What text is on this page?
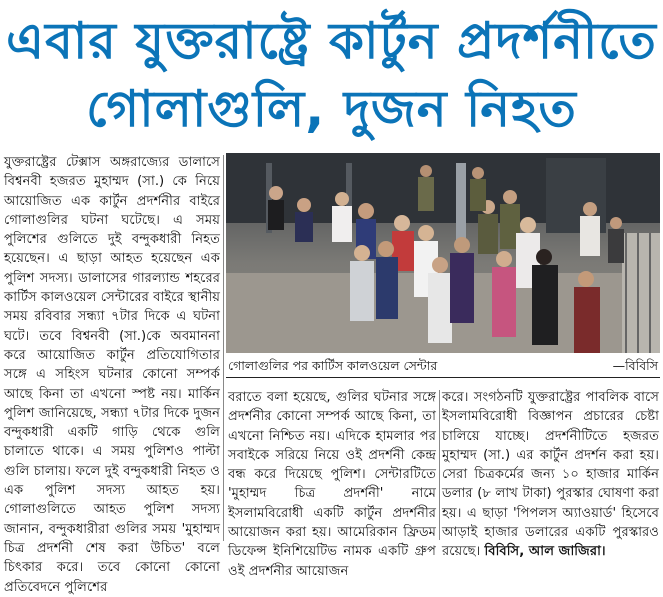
এবার যুক্তরাষ্ট্রে কার্টুন প্রদর্শনীতে
গোলাগুলি, দুজন নিহত

যুক্তরাষ্ট্রের টেক্সাস অঙ্গরাজ্যের ডালাসে বিশ্বনবী হজরত মুহাম্মদ (সা.) কে নিয়ে আয়োজিত এক কার্টুন প্রদর্শনীর বাইরে গোলাগুলির ঘটনা ঘটেছে। এ সময় পুলিশের গুলিতে দুই বন্দুকধারী নিহত হয়েছেন। এ ছাড়া আহত হয়েছেন এক পুলিশ সদস্য। ডালাসের গারল্যান্ড শহরের কার্টিস কালওয়েল সেন্টারের বাইরে স্থানীয় সময় রবিবার সন্ধ্যা ৭টার দিকে এ ঘটনা ঘটে। তবে বিশ্বনবী (সা.)কে অবমাননা করে আয়োজিত কার্টুন প্রতিযোগিতার সঙ্গে এ সহিংস ঘটনার কোনো সম্পর্ক আছে কিনা তা এখনো স্পষ্ট নয়। মার্কিন পুলিশ জানিয়েছে, সন্ধ্যা ৭টার দিকে দুজন বন্দুকধারী একটি গাড়ি থেকে গুলি চালাতে থাকে। এ সময় পুলিশও পাল্টা গুলি চালায়। ফলে দুই বন্দুকধারী নিহত ও এক পুলিশ সদস্য আহত হয়। গোলাগুলিতে আহত পুলিশ সদস্য জানান, বন্দুকধারীরা গুলির সময় 'মুহাম্মদ চিত্র প্রদর্শনী শেষ করা উচিত' বলে চিৎকার করে। তবে কোনো কোনো প্রতিবেদনে পুলিশের

গোলাগুলির পর কার্টিস কালওয়েল সেন্টার	—বিবিসি

বরাতে বলা হয়েছে, গুলির ঘটনার সঙ্গে প্রদর্শনীর কোনো সম্পর্ক আছে কিনা, তা এখনো নিশ্চিত নয়। এদিকে হামলার পর সবাইকে সরিয়ে নিয়ে ওই প্রদর্শনী কেন্দ্র বন্ধ করে দিয়েছে পুলিশ। সেন্টারটিতে 'মুহাম্মদ চিত্র প্রদর্শনী' নামে ইসলামবিরোধী একটি কার্টুন প্রদর্শনীর আয়োজন করা হয়। আমেরিকান ফ্রিডম ডিফেন্স ইনিশিয়েটিভ নামক একটি গ্রুপ ওই প্রদর্শনীর আয়োজন

করে। সংগঠনটি যুক্তরাষ্ট্রের পাবলিক বাসে ইসলামবিরোধী বিজ্ঞাপন প্রচারের চেষ্টা চালিয়ে যাচ্ছে। প্রদর্শনীটিতে হজরত মুহাম্মদ (সা.) এর কার্টুন প্রদর্শন করা হয়। সেরা চিত্রকর্মের জন্য ১০ হাজার মার্কিন ডলার (৮ লাখ টাকা) পুরস্কার ঘোষণা করা হয়। এ ছাড়া 'পিপলস অ্যাওয়ার্ড' হিসেবে আড়াই হাজার ডলারের একটি পুরস্কারও রয়েছে। বিবিসি, আল জাজিরা।
